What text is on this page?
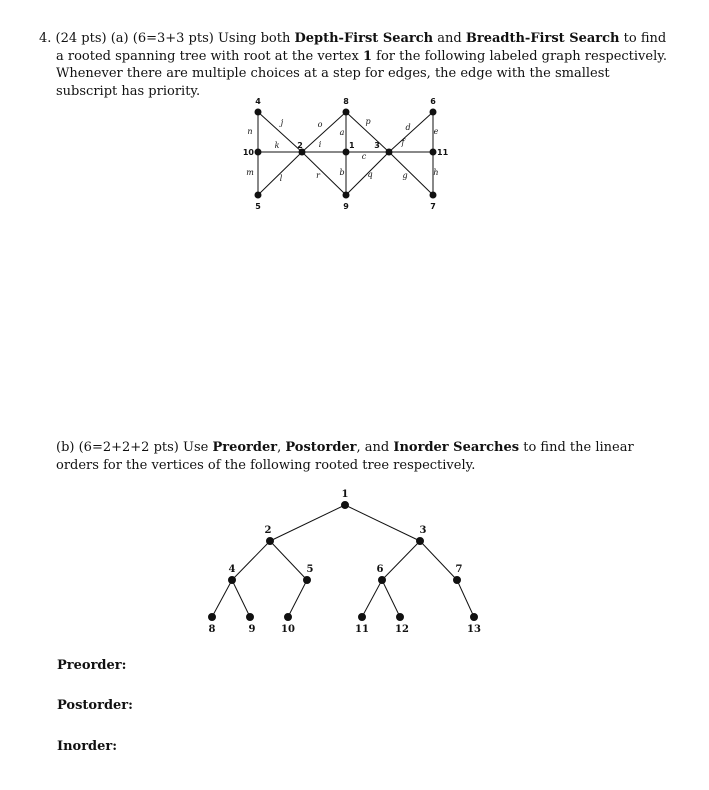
4. (24 pts) (a) (6=3+3 pts) Using both Depth-First Search and Breadth-First Search to find a rooted spanning tree with root at the vertex 1 for the following labeled graph respectively. Whenever there are multiple choices at a step for edges, the edge with the smallest subscript has priority.
a
b
c
d	e
f
g	h
i
j
k
l
m
n
o	p
q
r
1
2	3
4
5
6
7
8
9
10	11
1
2	3
4	5	6	7
8	9	10	11	12	13
(b) (6=2+2+2 pts) Use Preorder, Postorder, and Inorder Searches to find the linear orders for the vertices of the following rooted tree respectively.
Preorder:
Postorder:
Inorder:
